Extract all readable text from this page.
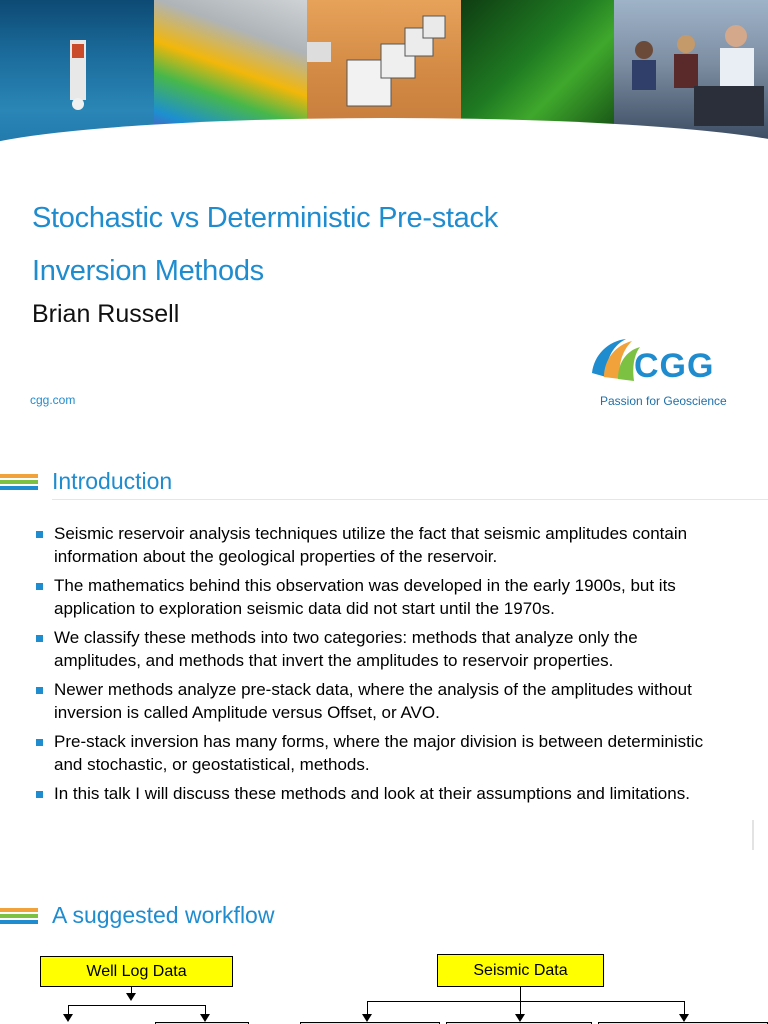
Stochastic vs Deterministic Pre-stack
Inversion Methods
Brian Russell
cgg.com
CGG
Passion for Geoscience
Introduction
Seismic reservoir analysis techniques utilize the fact that seismic amplitudes contain information about the geological properties of the reservoir.
The mathematics behind this observation was developed in the early 1900s, but its application to exploration seismic data did not start until the 1970s.
We classify these methods into two categories: methods that analyze only the amplitudes, and methods that invert the amplitudes to reservoir properties.
Newer methods analyze pre-stack data, where the analysis of the amplitudes without inversion is called Amplitude versus Offset, or AVO.
Pre-stack inversion has many forms, where the major division is between deterministic and stochastic, or geostatistical, methods.
In this talk I will discuss these methods and look at their assumptions and limitations.
A suggested workflow
Well Log Data	Seismic Data
